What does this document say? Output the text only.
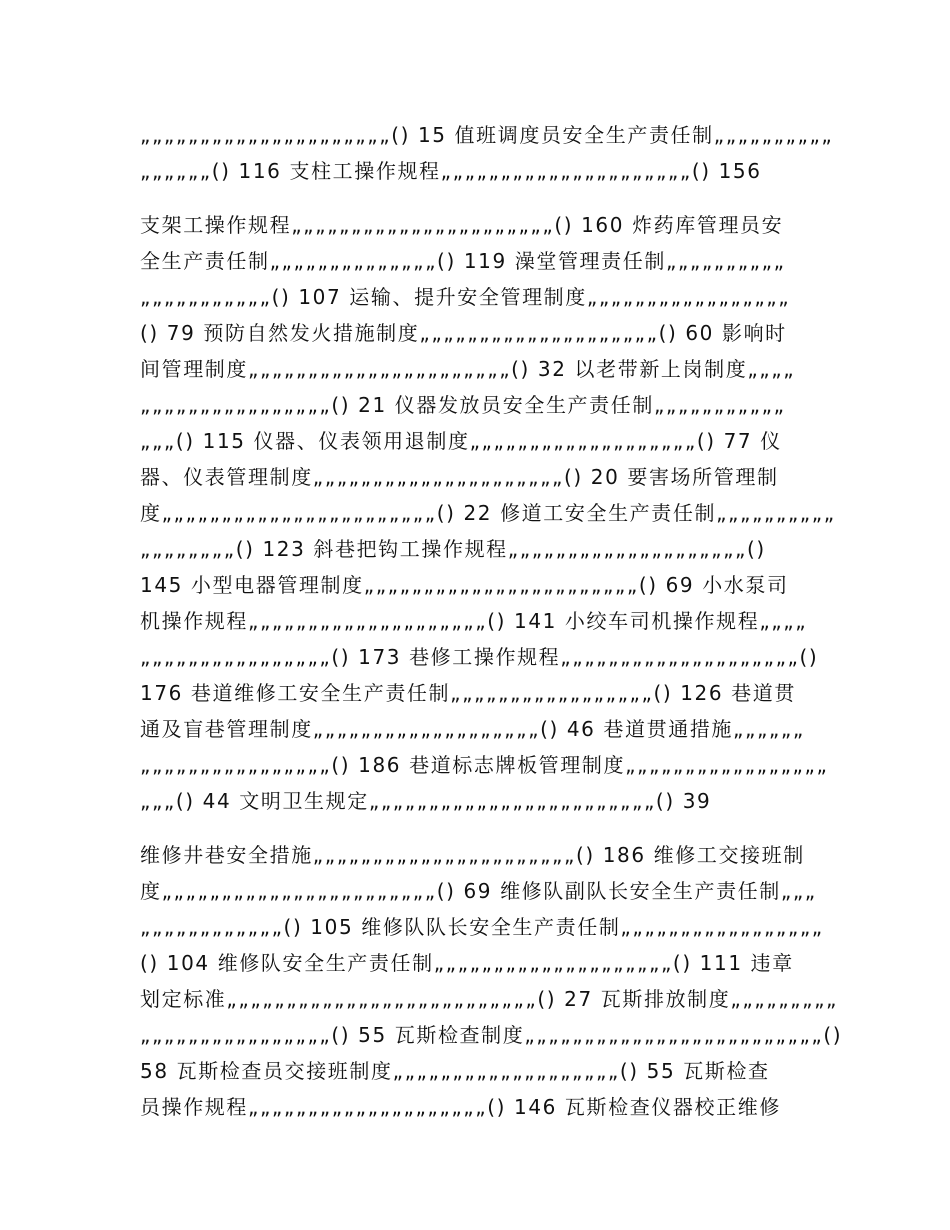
„„„„„„„„„„„„„„„„„„„„„() 15 值班调度员安全生产责任制„„„„„„„„„„
„„„„„„() 116 支柱工操作规程„„„„„„„„„„„„„„„„„„„„„() 156
支架工操作规程„„„„„„„„„„„„„„„„„„„„„„() 160 炸药库管理员安
全生产责任制„„„„„„„„„„„„„„() 119 澡堂管理责任制„„„„„„„„„„
„„„„„„„„„„„() 107 运输、提升安全管理制度„„„„„„„„„„„„„„„„„
() 79 预防自然发火措施制度„„„„„„„„„„„„„„„„„„„„() 60 影响时
间管理制度„„„„„„„„„„„„„„„„„„„„„„() 32 以老带新上岗制度„„„„
„„„„„„„„„„„„„„„„() 21 仪器发放员安全生产责任制„„„„„„„„„„„
„„„() 115 仪器、仪表领用退制度„„„„„„„„„„„„„„„„„„„() 77 仪
器、仪表管理制度„„„„„„„„„„„„„„„„„„„„„() 20 要害场所管理制
度„„„„„„„„„„„„„„„„„„„„„„„() 22 修道工安全生产责任制„„„„„„„„„„
„„„„„„„„() 123 斜巷把钩工操作规程„„„„„„„„„„„„„„„„„„„„()
145 小型电器管理制度„„„„„„„„„„„„„„„„„„„„„„„() 69 小水泵司
机操作规程„„„„„„„„„„„„„„„„„„„„() 141 小绞车司机操作规程„„„„
„„„„„„„„„„„„„„„„() 173 巷修工操作规程„„„„„„„„„„„„„„„„„„„„()
176 巷道维修工安全生产责任制„„„„„„„„„„„„„„„„„() 126 巷道贯
通及盲巷管理制度„„„„„„„„„„„„„„„„„„„() 46 巷道贯通措施„„„„„„
„„„„„„„„„„„„„„„„() 186 巷道标志牌板管理制度„„„„„„„„„„„„„„„„„
„„„() 44 文明卫生规定„„„„„„„„„„„„„„„„„„„„„„„„() 39
维修井巷安全措施„„„„„„„„„„„„„„„„„„„„„„() 186 维修工交接班制
度„„„„„„„„„„„„„„„„„„„„„„„() 69 维修队副队长安全生产责任制„„„
„„„„„„„„„„„„() 105 维修队队长安全生产责任制„„„„„„„„„„„„„„„„„
() 104 维修队安全生产责任制„„„„„„„„„„„„„„„„„„„„() 111 违章
划定标准„„„„„„„„„„„„„„„„„„„„„„„„„„() 27 瓦斯排放制度„„„„„„„„„
„„„„„„„„„„„„„„„„() 55 瓦斯检查制度„„„„„„„„„„„„„„„„„„„„„„„„„()
58 瓦斯检查员交接班制度„„„„„„„„„„„„„„„„„„„() 55 瓦斯检查
员操作规程„„„„„„„„„„„„„„„„„„„„() 146 瓦斯检查仪器校正维修
